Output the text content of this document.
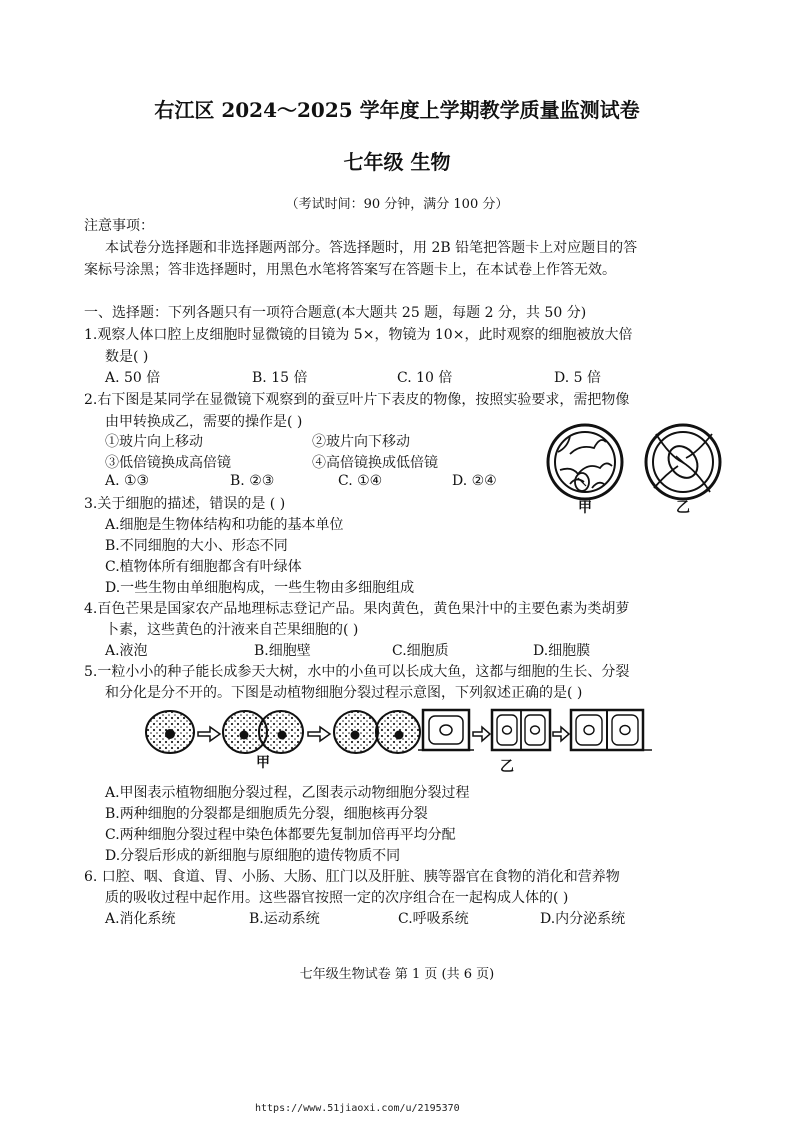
右江区 2024～2025 学年度上学期教学质量监测试卷
七年级 生物
（考试时间：90 分钟，满分 100 分）
注意事项：
本试卷分选择题和非选择题两部分。答选择题时，用 2B 铅笔把答题卡上对应题目的答
案标号涂黑；答非选择题时，用黑色水笔将答案写在答题卡上，在本试卷上作答无效。
一、选择题：下列各题只有一项符合题意(本大题共 25 题，每题 2 分，共 50 分)
1.观察人体口腔上皮细胞时显微镜的目镜为 5×，物镜为 10×，此时观察的细胞被放大倍
数是( )
A. 50 倍	B. 15 倍	C. 10 倍	D. 5 倍
2.右下图是某同学在显微镜下观察到的蚕豆叶片下表皮的物像，按照实验要求，需把物像
由甲转换成乙，需要的操作是( )
①玻片向上移动	②玻片向下移动
③低倍镜换成高倍镜	④高倍镜换成低倍镜
A. ①③	B. ②③	C. ①④	D. ②④
甲	乙
3.关于细胞的描述，错误的是 ( )
A.细胞是生物体结构和功能的基本单位
B.不同细胞的大小、形态不同
C.植物体所有细胞都含有叶绿体
D.一些生物由单细胞构成，一些生物由多细胞组成
4.百色芒果是国家农产品地理标志登记产品。果肉黄色，黄色果汁中的主要色素为类胡萝
卜素，这些黄色的汁液来自芒果细胞的( )
A.液泡	B.细胞壁	C.细胞质	D.细胞膜
5.一粒小小的种子能长成参天大树，水中的小鱼可以长成大鱼，这都与细胞的生长、分裂
和分化是分不开的。下图是动植物细胞分裂过程示意图，下列叙述正确的是( )
甲	乙
A.甲图表示植物细胞分裂过程，乙图表示动物细胞分裂过程
B.两种细胞的分裂都是细胞质先分裂，细胞核再分裂
C.两种细胞分裂过程中染色体都要先复制加倍再平均分配
D.分裂后形成的新细胞与原细胞的遗传物质不同
6. 口腔、咽、食道、胃、小肠、大肠、肛门以及肝脏、胰等器官在食物的消化和营养物
质的吸收过程中起作用。这些器官按照一定的次序组合在一起构成人体的( )
A.消化系统	B.运动系统	C.呼吸系统	D.内分泌系统
七年级生物试卷 第 1 页 (共 6 页)
https://www.51jiaoxi.com/u/2195370
